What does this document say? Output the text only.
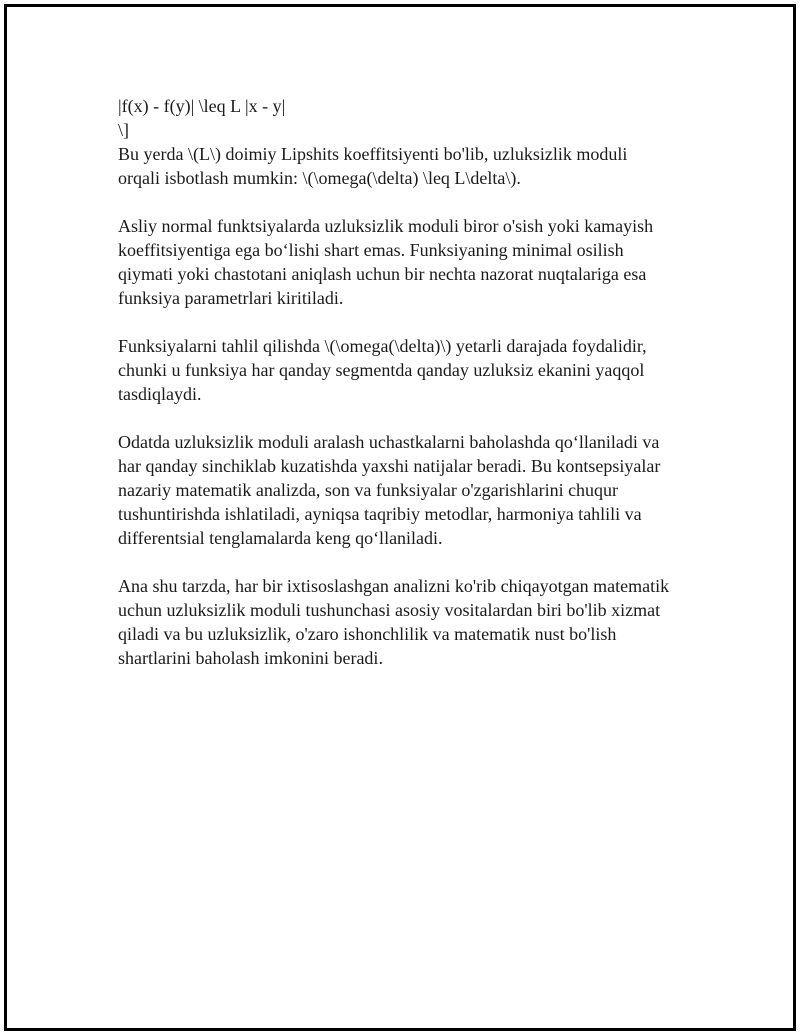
|f(x) - f(y)| \leq L |x - y|
\]
Bu yerda \(L\) doimiy Lipshits koeffitsiyenti bo'lib, uzluksizlik moduli
orqali isbotlash mumkin: \(\omega(\delta) \leq L\delta\).
Asliy normal funktsiyalarda uzluksizlik moduli biror o'sish yoki kamayish
koeffitsiyentiga ega bo‘lishi shart emas. Funksiyaning minimal osilish
qiymati yoki chastotani aniqlash uchun bir nechta nazorat nuqtalariga esa
funksiya parametrlari kiritiladi.
Funksiyalarni tahlil qilishda \(\omega(\delta)\) yetarli darajada foydalidir,
chunki u funksiya har qanday segmentda qanday uzluksiz ekanini yaqqol
tasdiqlaydi.
Odatda uzluksizlik moduli aralash uchastkalarni baholashda qo‘llaniladi va
har qanday sinchiklab kuzatishda yaxshi natijalar beradi. Bu kontsepsiyalar
nazariy matematik analizda, son va funksiyalar o'zgarishlarini chuqur
tushuntirishda ishlatiladi, ayniqsa taqribiy metodlar, harmoniya tahlili va
differentsial tenglamalarda keng qo‘llaniladi.
Ana shu tarzda, har bir ixtisoslashgan analizni ko'rib chiqayotgan matematik
uchun uzluksizlik moduli tushunchasi asosiy vositalardan biri bo'lib xizmat
qiladi va bu uzluksizlik, o'zaro ishonchlilik va matematik nust bo'lish
shartlarini baholash imkonini beradi.
